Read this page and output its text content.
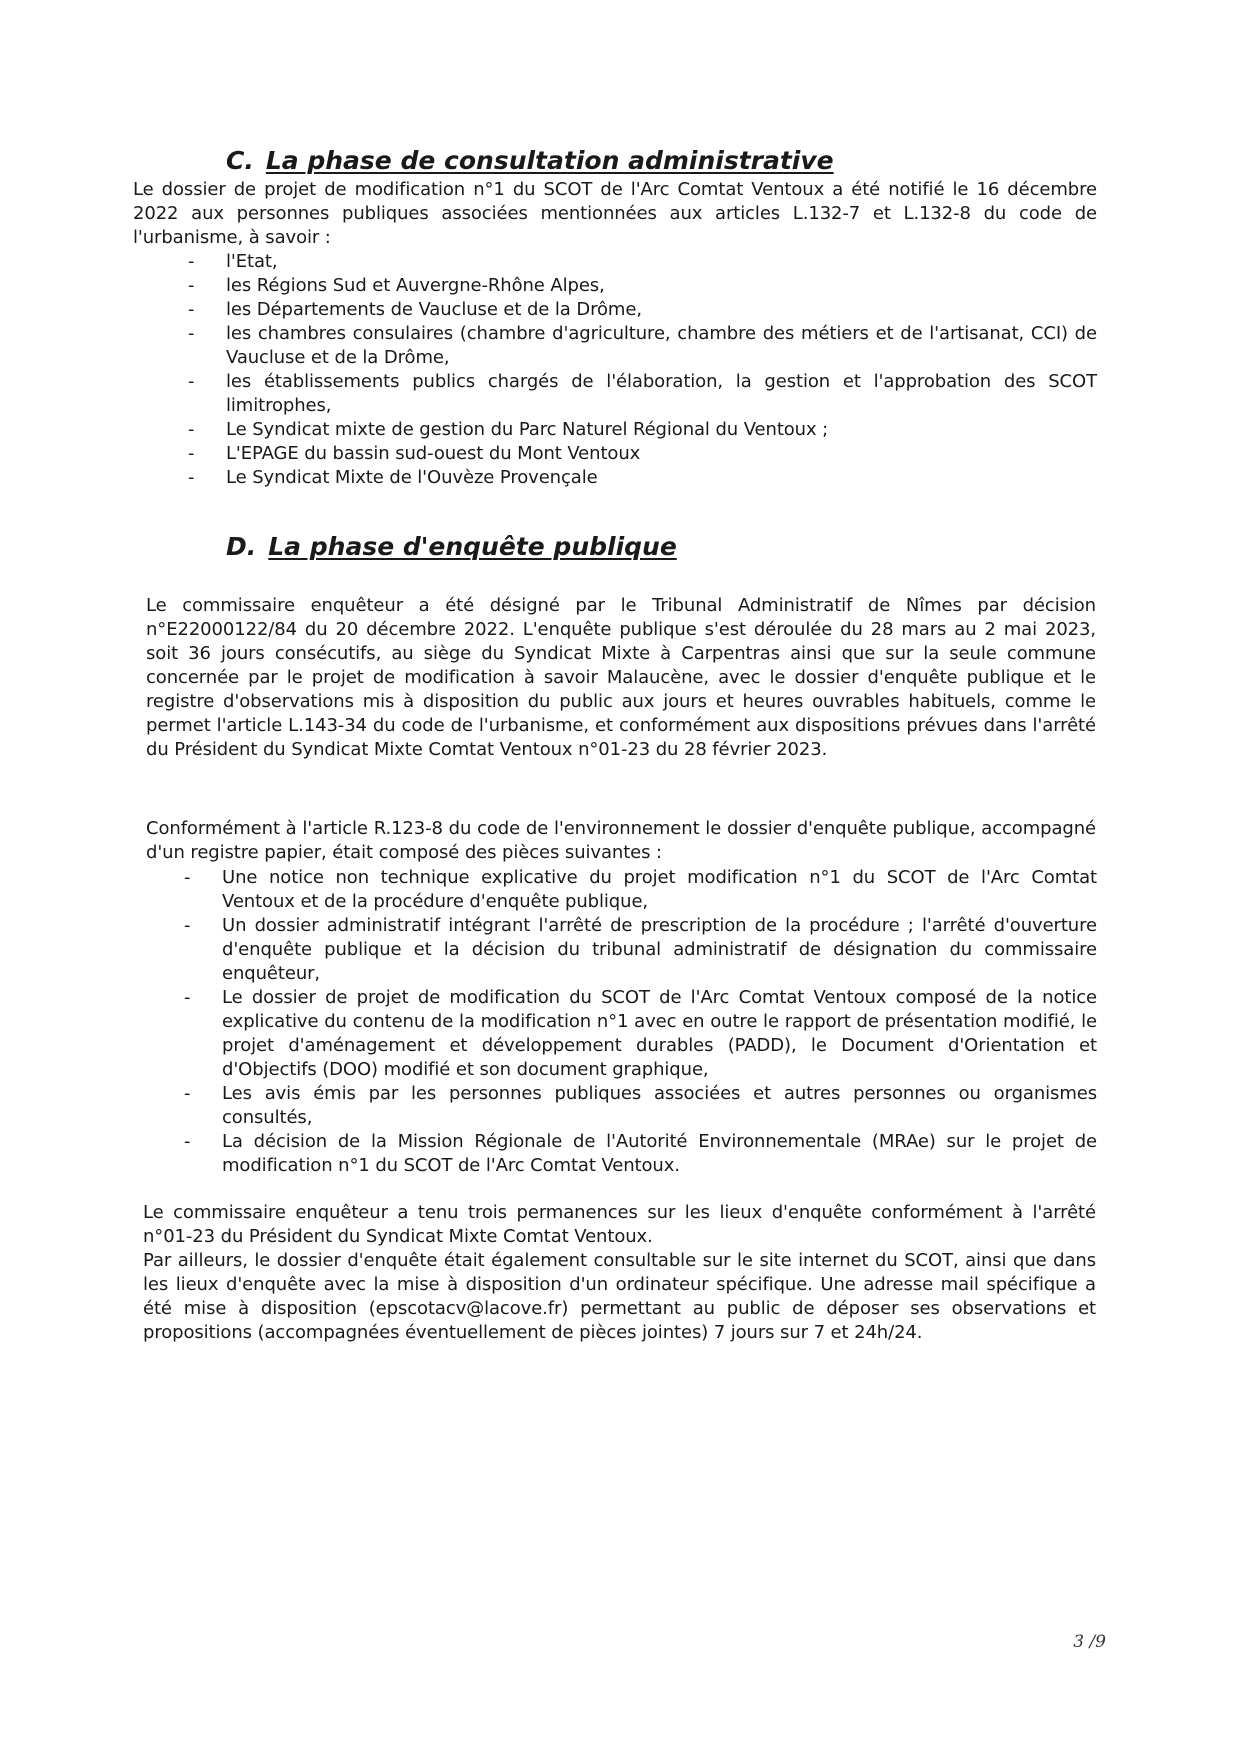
C. La phase de consultation administrative

Le dossier de projet de modification n°1 du SCOT de l'Arc Comtat Ventoux a été notifié le 16 décembre 2022 aux personnes publiques associées mentionnées aux articles L.132-7 et L.132-8 du code de l'urbanisme, à savoir :

- l'Etat,
- les Régions Sud et Auvergne-Rhône Alpes,
- les Départements de Vaucluse et de la Drôme,
- les chambres consulaires (chambre d'agriculture, chambre des métiers et de l'artisanat, CCI) de Vaucluse et de la Drôme,
- les établissements publics chargés de l'élaboration, la gestion et l'approbation des SCOT limitrophes,
- Le Syndicat mixte de gestion du Parc Naturel Régional du Ventoux ;
- L'EPAGE du bassin sud-ouest du Mont Ventoux
- Le Syndicat Mixte de l'Ouvèze Provençale
D. La phase d'enquête publique

Le commissaire enquêteur a été désigné par le Tribunal Administratif de Nîmes par décision n°E22000122/84 du 20 décembre 2022. L'enquête publique s'est déroulée du 28 mars au 2 mai 2023, soit 36 jours consécutifs, au siège du Syndicat Mixte à Carpentras ainsi que sur la seule commune concernée par le projet de modification à savoir Malaucène, avec le dossier d'enquête publique et le registre d'observations mis à disposition du public aux jours et heures ouvrables habituels, comme le permet l'article L.143-34 du code de l'urbanisme, et conformément aux dispositions prévues dans l'arrêté du Président du Syndicat Mixte Comtat Ventoux n°01-23 du 28 février 2023.

Conformément à l'article R.123-8 du code de l'environnement le dossier d'enquête publique, accompagné d'un registre papier, était composé des pièces suivantes :

- Une notice non technique explicative du projet modification n°1 du SCOT de l'Arc Comtat Ventoux et de la procédure d'enquête publique,
- Un dossier administratif intégrant l'arrêté de prescription de la procédure ; l'arrêté d'ouverture d'enquête publique et la décision du tribunal administratif de désignation du commissaire enquêteur,
- Le dossier de projet de modification du SCOT de l'Arc Comtat Ventoux composé de la notice explicative du contenu de la modification n°1 avec en outre le rapport de présentation modifié, le projet d'aménagement et développement durables (PADD), le Document d'Orientation et d'Objectifs (DOO) modifié et son document graphique,
- Les avis émis par les personnes publiques associées et autres personnes ou organismes consultés,
- La décision de la Mission Régionale de l'Autorité Environnementale (MRAe) sur le projet de modification n°1 du SCOT de l'Arc Comtat Ventoux.

Le commissaire enquêteur a tenu trois permanences sur les lieux d'enquête conformément à l'arrêté n°01-23 du Président du Syndicat Mixte Comtat Ventoux.

Par ailleurs, le dossier d'enquête était également consultable sur le site internet du SCOT, ainsi que dans les lieux d'enquête avec la mise à disposition d'un ordinateur spécifique. Une adresse mail spécifique a été mise à disposition (epscotacv@lacove.fr) permettant au public de déposer ses observations et propositions (accompagnées éventuellement de pièces jointes) 7 jours sur 7 et 24h/24.

3 /9
